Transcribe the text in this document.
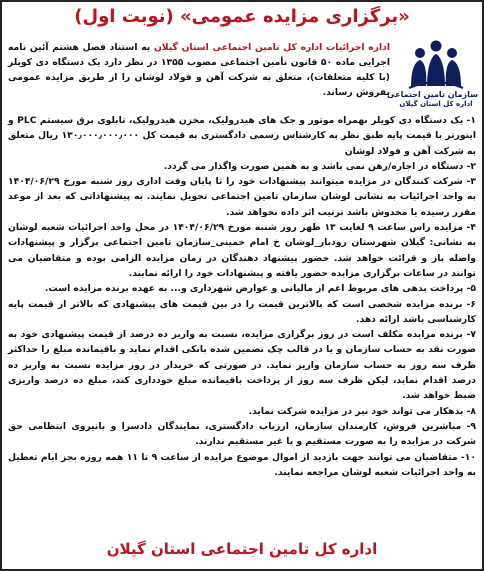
«برگزاری مزایده عمومی» (نوبت اول)
سازمان تامین اجتماعی
اداره کل استان گیلان
اداره اجرائیات اداره کل تامین اجتماعی استان گیلان به استناد فصل هشتم آئین نامه اجرایی ماده ۵۰ قانون تأمین اجتماعی مصوب ۱۳۵۵ در نظر دارد یک دستگاه دی کویلر (با کلیه متعلقات)، متعلق به شرکت آهن و فولاد لوشان را از طریق مزایده عمومی بفروش رساند.

۱- یک دستگاه دی کویلر بهمراه موتور و جک های هیدرولیک، مخزن هیدرولیک، تابلوی برق سیستم PLC و اینورتر با قیمت پایه طبق نظر به کارشناس رسمی دادگستری به قیمت کل ۱۳۰٫۰۰۰٫۰۰۰٫۰۰۰ ریال متعلق به شرکت آهن و فولاد لوشان

۲- دستگاه در اجاره/رهن نمی باشد و به همین صورت واگذار می گردد.

۳- شرکت کنندگان در مزایده میتوانند پیشنهادات خود را تا پایان وقت اداری روز شنبه مورخ ۱۴۰۴/۰۶/۲۹ به واحد اجرائیات به نشانی لوشان سازمان تامین اجتماعی تحویل نمایند. به پیشنهاداتی که بعد از موعد مقرر رسیده یا مخدوش باشد ترتیب اثر داده نخواهد شد.

۴- مزایده راس ساعت ۹ لغایت ۱۳ ظهر روز شنبه مورخ ۱۴۰۴/۰۶/۲۹ در محل واحد اجرائیات شعبه لوشان به نشانی: گیلان شهرستان رودبار_لوشان خ امام خمینی_سازمان تامین اجتماعی برگزار و پیشنهادات واصله باز و قرائت خواهد شد. حضور پیشنهاد دهندگان در زمان مزایده الزامی بوده و متقاضیان می توانند در ساعات برگزاری مزایده حضور یافته و پیشنهادات خود را ارائه نمایند.

۵- پرداخت بدهی های مربوط اعم از مالیاتی و عوارض شهرداری و... به عهده برنده مزایده است.

۶- برنده مزایده شخصی است که بالاترین قیمت را در بین قیمت های پیشنهادی که بالاتر از قیمت پایه کارشناسی باشد ارائه دهد.

۷- برنده مزایده مکلف است در روز برگزاری مزایده، نسبت به واریز ده درصد از قیمت پیشنهادی خود به صورت نقد به حساب سازمان و یا در قالب چک تضمین شده بانکی اقدام نماید و باقیمانده مبلغ را حداکثر ظرف سه روز به حساب سازمان واریز نماید. در صورتی که خریدار در روز مزایده نسبت به واریز ده درصد اقدام نماید، لیکن ظرف سه روز از پرداخت باقیمانده مبلغ خودداری کند، مبلغ ده درصد واریزی ضبط خواهد شد.

۸- بدهکار می تواند خود نیز در مزایده شرکت نماید.

۹- مباشرین فروش، کارمندان سازمان، ارزیاب دادگستری، نمایندگان دادسرا و بانیروی انتظامی حق شرکت در مزایده را به صورت مستقیم و یا غیر مستقیم ندارند.

۱۰- متقاضیان می توانند جهت بازدید از اموال موضوع مزایده از ساعت ۹ تا ۱۱ همه روزه بجز ایام تعطیل به واحد اجرائیات شعبه لوشان مراجعه نمایند.

اداره کل تامین اجتماعی استان گیلان
